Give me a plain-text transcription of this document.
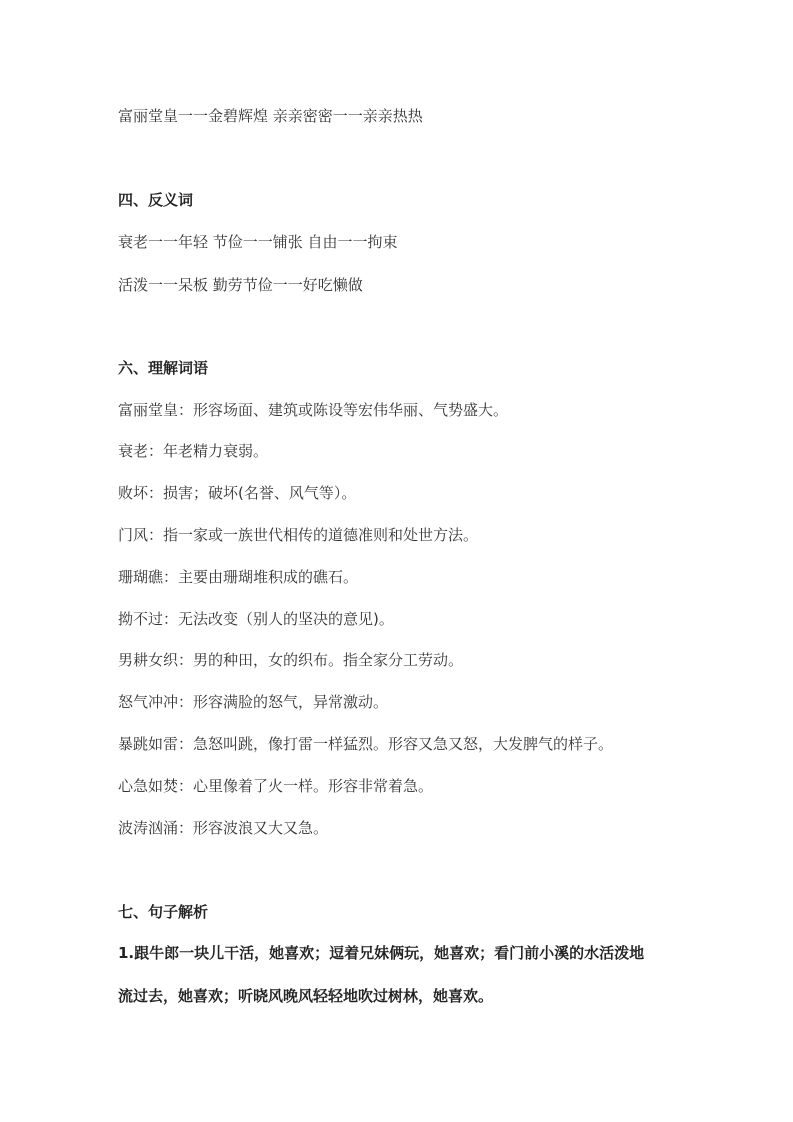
富丽堂皇一一金碧辉煌 亲亲密密一一亲亲热热
四、反义词
衰老一一年轻 节俭一一铺张 自由一一拘束
活泼一一呆板 勤劳节俭一一好吃懒做
六、理解词语
富丽堂皇：形容场面、建筑或陈设等宏伟华丽、气势盛大。
衰老：年老精力衰弱。
败坏：损害；破坏(名誉、风气等）。
门风：指一家或一族世代相传的道德准则和处世方法。
珊瑚礁：主要由珊瑚堆积成的礁石。
拗不过：无法改变（别人的坚决的意见)。
男耕女织：男的种田，女的织布。指全家分工劳动。
怒气冲冲：形容满脸的怒气，异常激动。
暴跳如雷：急怒叫跳，像打雷一样猛烈。形容又急又怒，大发脾气的样子。
心急如焚：心里像着了火一样。形容非常着急。
波涛汹涌：形容波浪又大又急。
七、句子解析
1.跟牛郎一块儿干活，她喜欢；逗着兄妹俩玩，她喜欢；看门前小溪的水活泼地
流过去，她喜欢；听晓风晚风轻轻地吹过树林，她喜欢。
